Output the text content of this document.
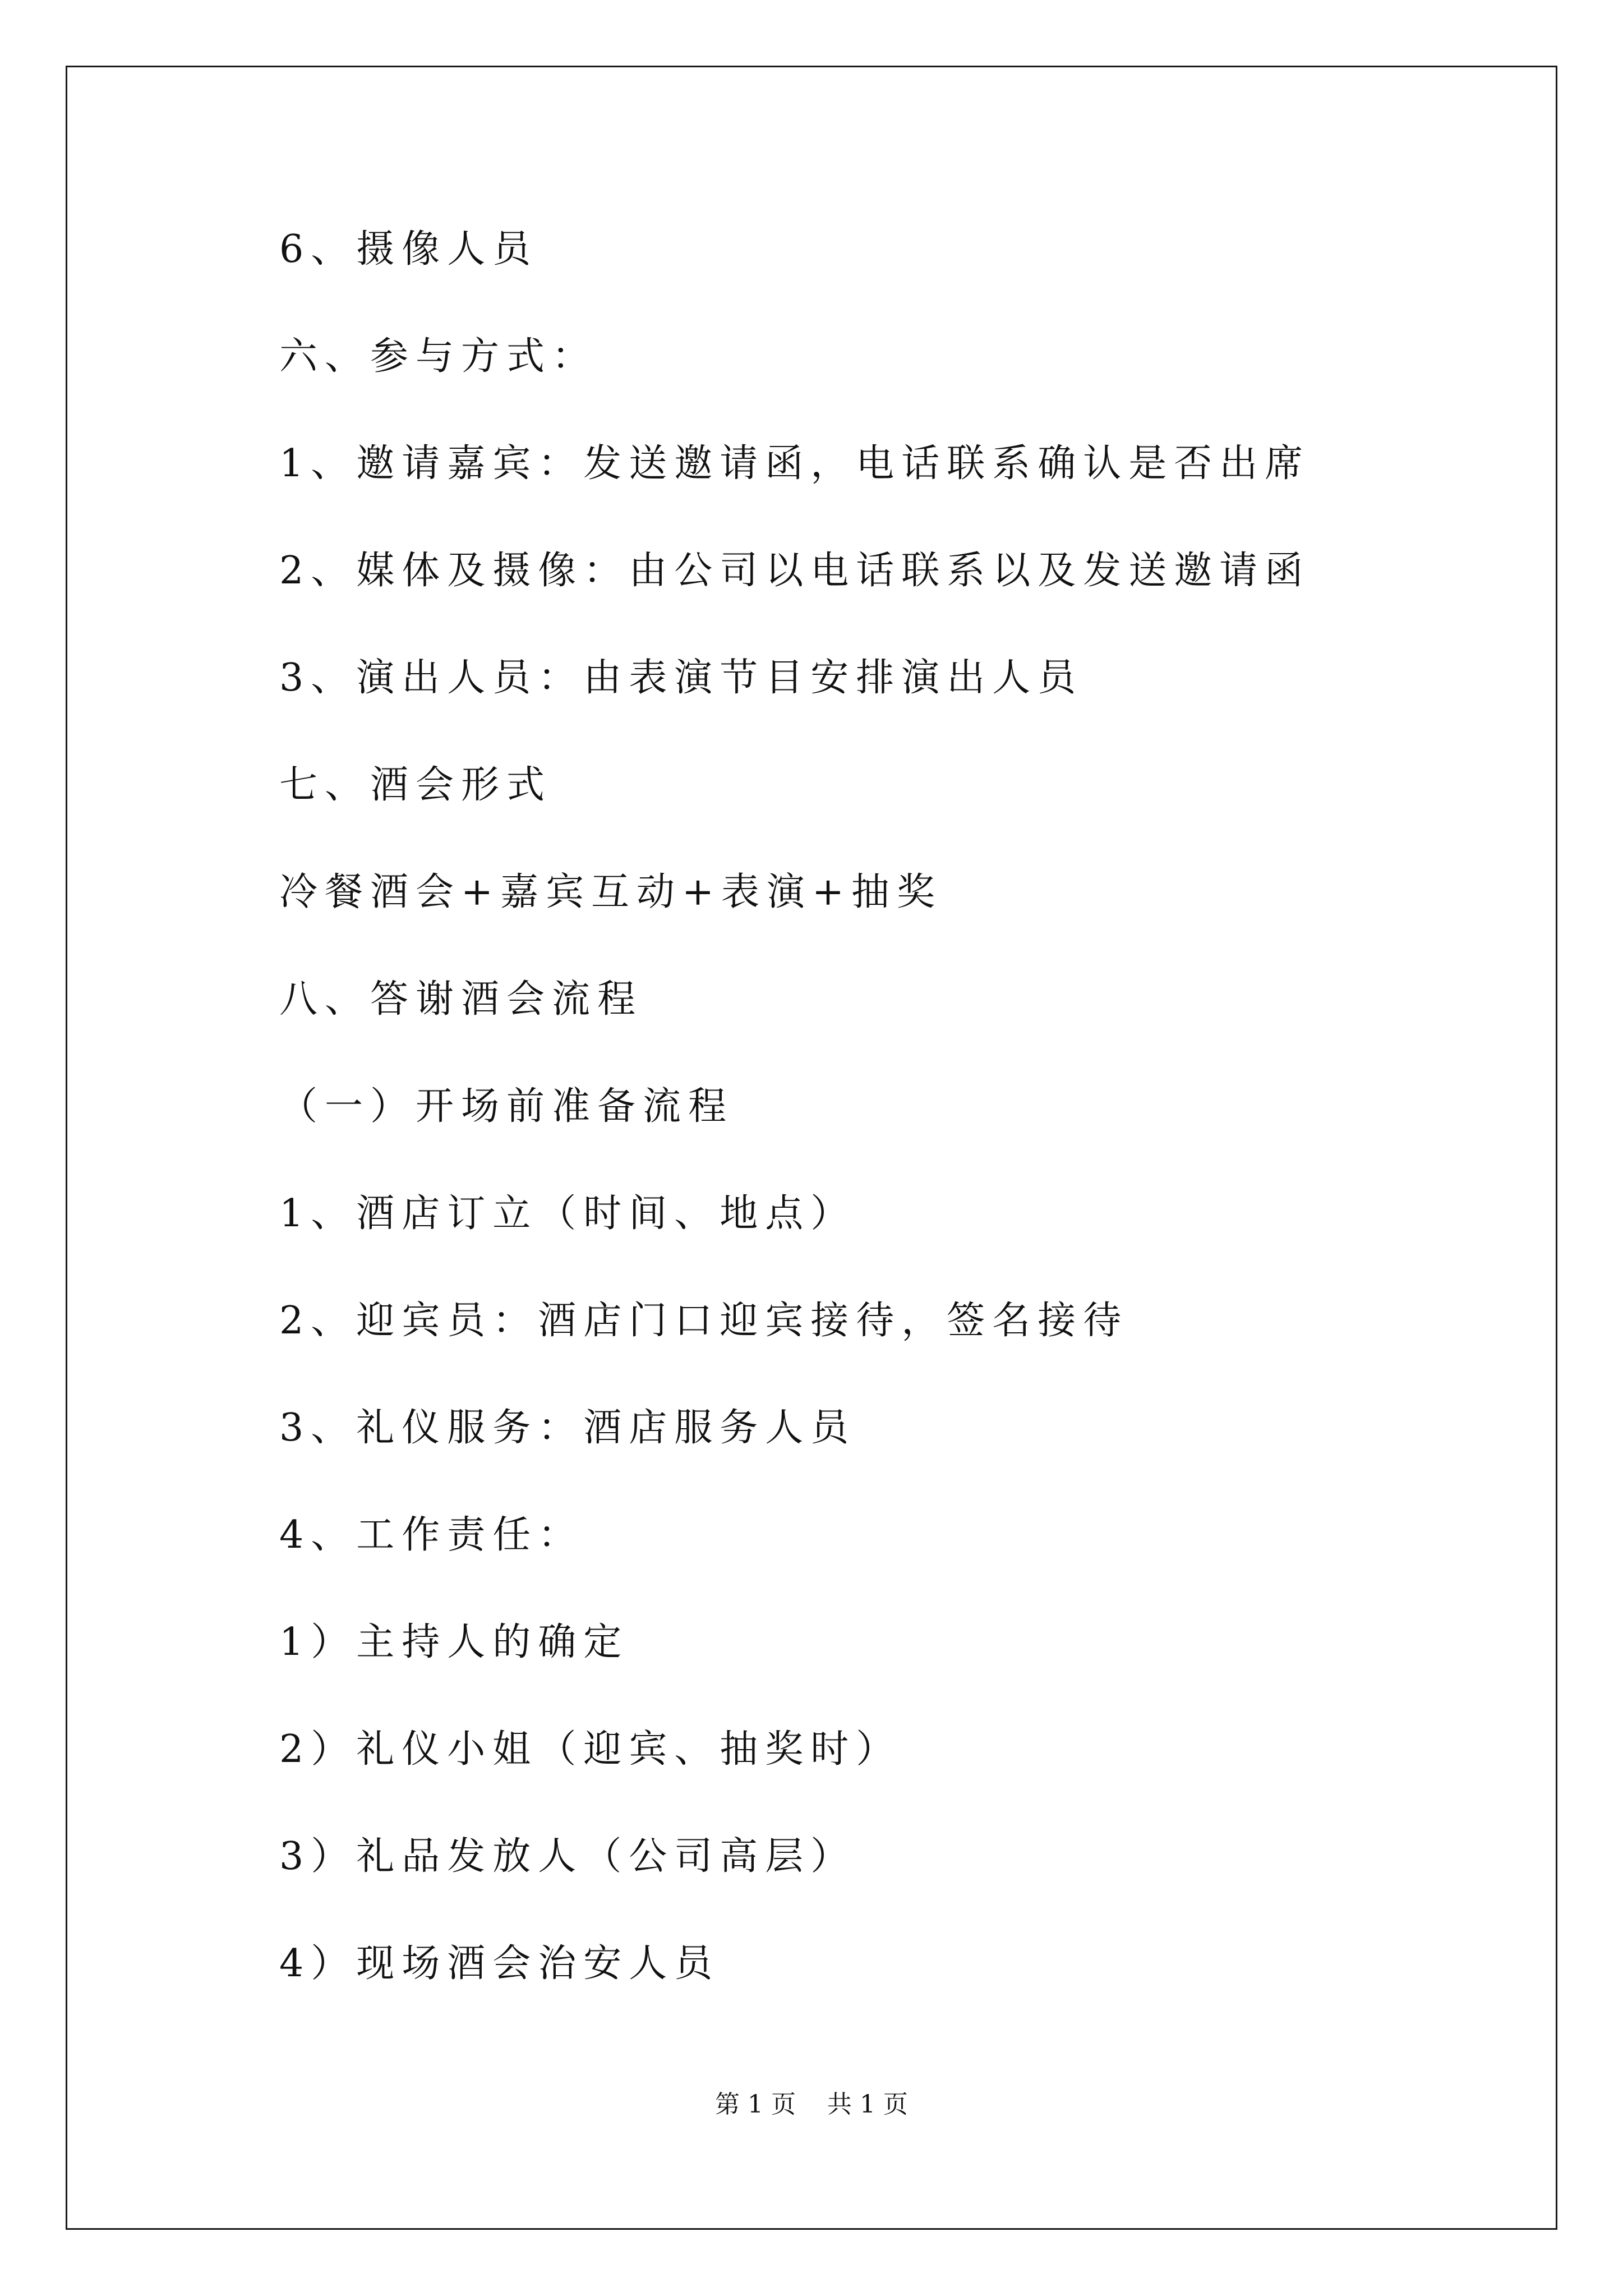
6、摄像人员
六、参与方式：
1、邀请嘉宾：发送邀请函，电话联系确认是否出席
2、媒体及摄像：由公司以电话联系以及发送邀请函
3、演出人员：由表演节目安排演出人员
七、酒会形式
冷餐酒会+嘉宾互动+表演+抽奖
八、答谢酒会流程
（一）开场前准备流程
1、酒店订立（时间、地点）
2、迎宾员：酒店门口迎宾接待，签名接待
3、礼仪服务：酒店服务人员
4、工作责任：
1）主持人的确定
2）礼仪小姐（迎宾、抽奖时）
3）礼品发放人（公司高层）
4）现场酒会治安人员
第 1 页    共 1 页
